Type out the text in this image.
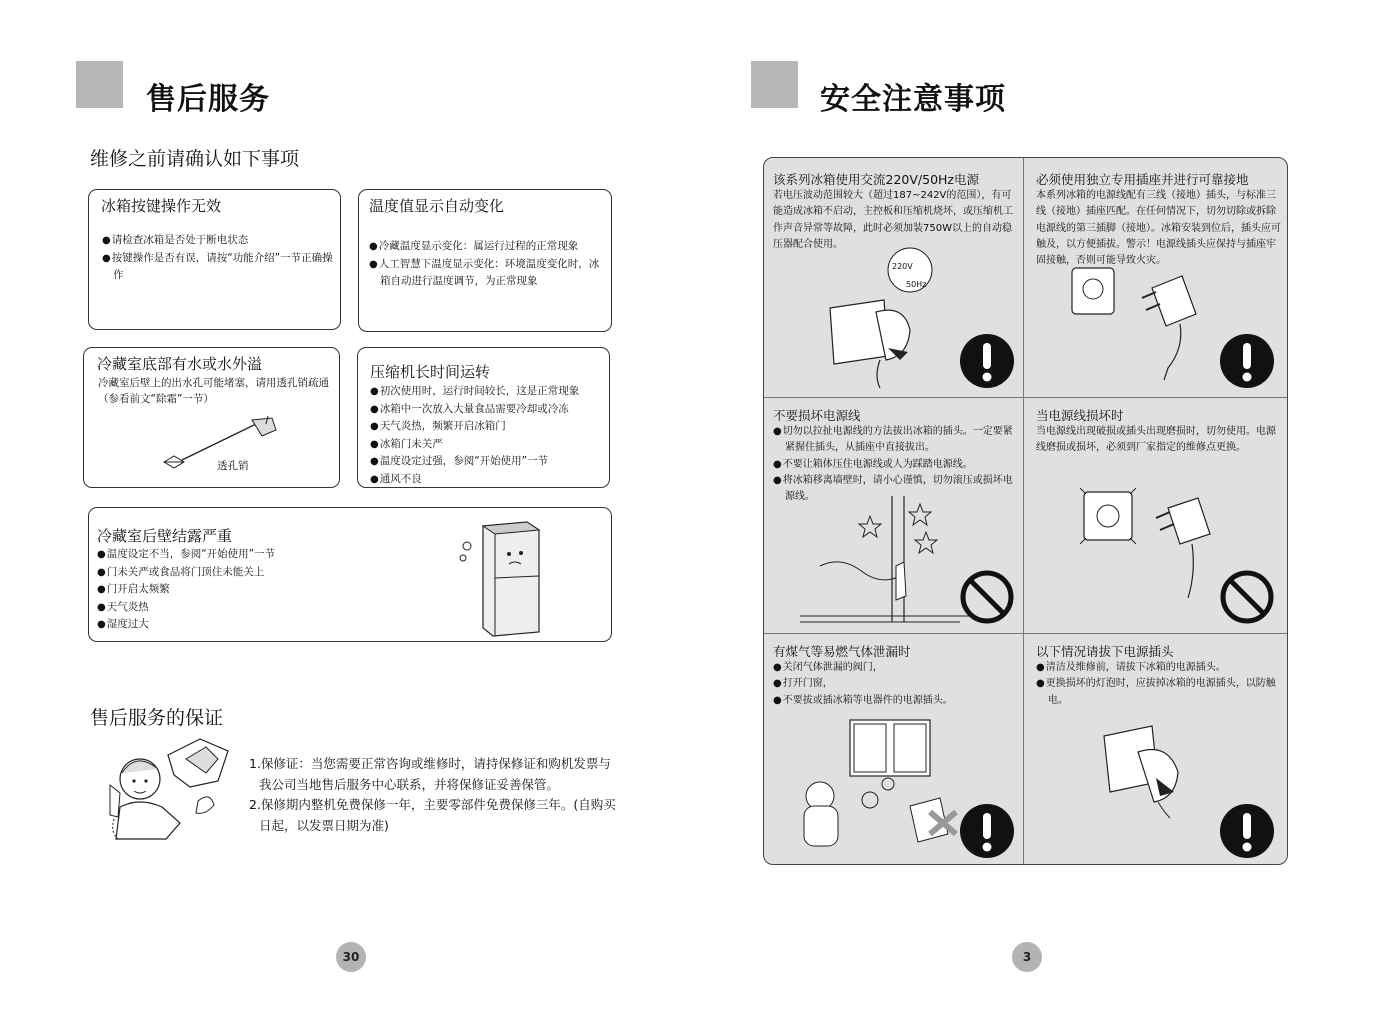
售后服务
维修之前请确认如下事项
冰箱按键操作无效
● 请检查冰箱是否处于断电状态
● 按键操作是否有误，请按“功能介绍”一节正确操作
温度值显示自动变化
● 冷藏温度显示变化：属运行过程的正常现象
● 人工智慧下温度显示变化：环境温度变化时，冰箱自动进行温度调节，为正常现象
冷藏室底部有水或水外溢
冷藏室后壁上的出水孔可能堵塞，请用透孔销疏通（参看前文“除霜”一节）
透孔销
压缩机长时间运转
● 初次使用时，运行时间较长，这是正常现象
● 冰箱中一次放入大量食品需要冷却或冷冻
● 天气炎热，频繁开启冰箱门
● 冰箱门未关严
● 温度设定过强，参阅“开始使用”一节
● 通风不良
冷藏室后壁结露严重
● 温度设定不当，参阅“开始使用”一节
● 门未关严或食品将门顶住未能关上
● 门开启太频繁
● 天气炎热
● 湿度过大
售后服务的保证
1.保修证：当您需要正常咨询或维修时，请持保修证和购机发票与我公司当地售后服务中心联系，并将保修证妥善保管。
2.保修期内整机免费保修一年，主要零部件免费保修三年。(自购买日起，以发票日期为准)
30
安全注意事项
该系列冰箱使用交流220V/50Hz电源
若电压波动范围较大（超过187~242V的范围），有可能造成冰箱不启动，主控板和压缩机烧坏，或压缩机工作声音异常等故障，此时必须加装750W以上的自动稳压器配合使用。
220V
50Hz
必须使用独立专用插座并进行可靠接地
本系列冰箱的电源线配有三线（接地）插头，与标准三线（接地）插座匹配。在任何情况下，切勿切除或拆除电源线的第三插脚（接地）。冰箱安装到位后，插头应可触及，以方便插拔。警示！电源线插头应保持与插座牢固接触，否则可能导致火灾。
不要损坏电源线
● 切勿以拉扯电源线的方法拔出冰箱的插头。一定要紧紧握住插头，从插座中直接拔出。
● 不要让箱体压住电源线或人为踩踏电源线。
● 将冰箱移离墙壁时，请小心谨慎，切勿滚压或损坏电源线。
当电源线损坏时
当电源线出现破损或插头出现磨损时，切勿使用。电源线磨损或损坏，必须到厂家指定的维修点更换。
有煤气等易燃气体泄漏时
● 关闭气体泄漏的阀门，
● 打开门窗，
● 不要拔或插冰箱等电器件的电源插头。
以下情况请拔下电源插头
● 清洁及维修前，请拔下冰箱的电源插头。
● 更换损坏的灯泡时，应拔掉冰箱的电源插头，以防触电。
3
